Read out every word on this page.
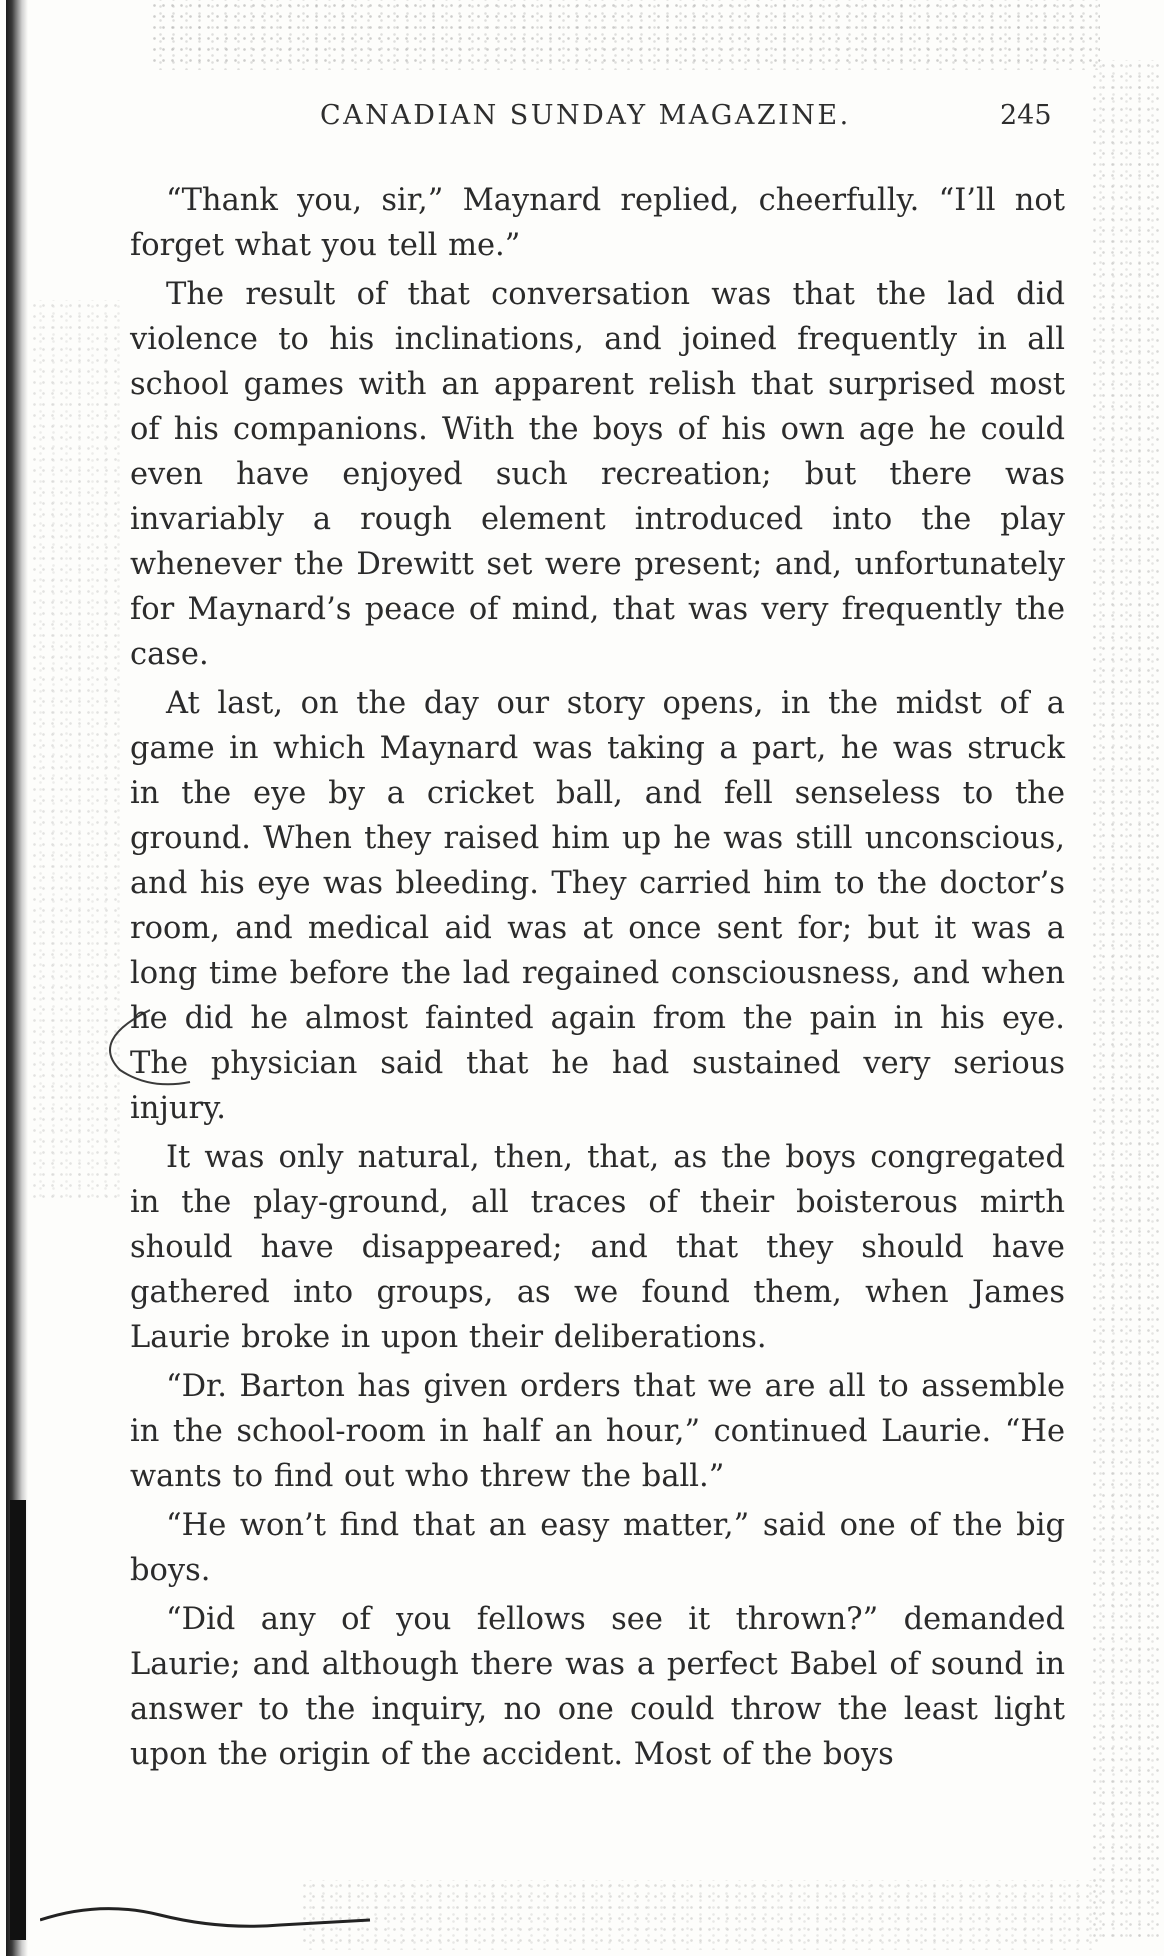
CANADIAN SUNDAY MAGAZINE.	245

“Thank you, sir,” Maynard replied, cheerfully. “I’ll not forget what you tell me.”

The result of that conversation was that the lad did violence to his inclinations, and joined frequently in all school games with an apparent relish that surprised most of his companions. With the boys of his own age he could even have enjoyed such recreation; but there was invariably a rough element introduced into the play whenever the Drewitt set were present; and, unfortunately for Maynard’s peace of mind, that was very frequently the case.

At last, on the day our story opens, in the midst of a game in which Maynard was taking a part, he was struck in the eye by a cricket ball, and fell senseless to the ground. When they raised him up he was still unconscious, and his eye was bleeding. They carried him to the doctor’s room, and medical aid was at once sent for; but it was a long time before the lad regained consciousness, and when he did he almost fainted again from the pain in his eye. The physician said that he had sustained very serious injury.

It was only natural, then, that, as the boys congregated in the play-ground, all traces of their boisterous mirth should have disappeared; and that they should have gathered into groups, as we found them, when James Laurie broke in upon their deliberations.

“Dr. Barton has given orders that we are all to assemble in the school-room in half an hour,” continued Laurie. “He wants to find out who threw the ball.”

“He won’t find that an easy matter,” said one of the big boys.

“Did any of you fellows see it thrown?” demanded Laurie; and although there was a perfect Babel of sound in answer to the inquiry, no one could throw the least light upon the origin of the accident. Most of the boys
